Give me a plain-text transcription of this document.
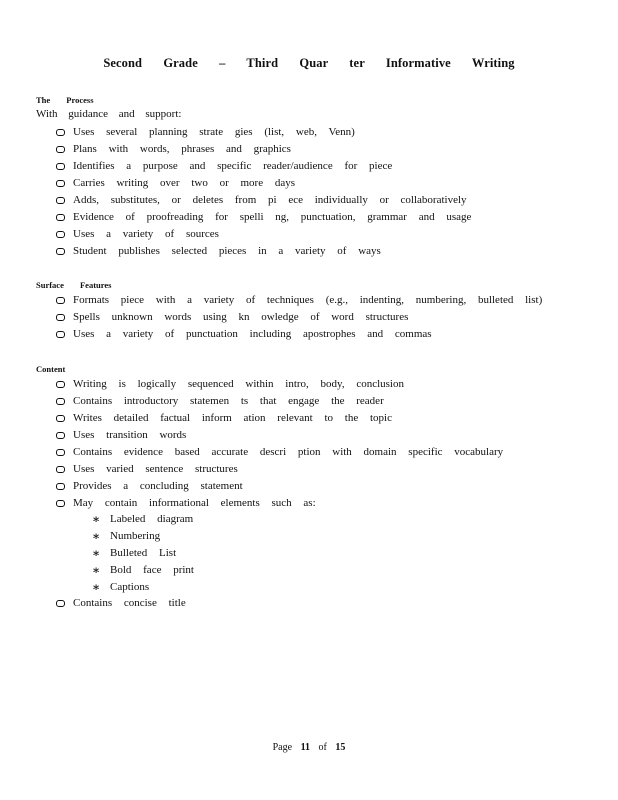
Second Grade – Third Quar ter Informative Writing
The Process
With guidance and support:
Uses several planning strate gies (list, web, Venn)
Plans with words, phrases and graphics
Identifies a purpose and specific reader/audience for piece
Carries writing over two or more days
Adds, substitutes, or deletes from pi ece individually or collaboratively
Evidence of proofreading for spelli ng, punctuation, grammar and usage
Uses a variety of sources
Student publishes selected pieces in a variety of ways
Surface Features
Formats piece with a variety of techniques (e.g., indenting, numbering, bulleted list)
Spells unknown words using kn owledge of word structures
Uses a variety of punctuation including apostrophes and commas
Content
Writing is logically sequenced within intro, body, conclusion
Contains introductory statemen ts that engage the reader
Writes detailed factual inform ation relevant to the topic
Uses transition words
Contains evidence based accurate descri ption with domain specific vocabulary
Uses varied sentence structures
Provides a concluding statement
May contain informational elements such as:
∗ Labeled diagram
∗ Numbering
∗ Bulleted List
∗ Bold face print
∗ Captions
Contains concise title
Page 11 of 15
